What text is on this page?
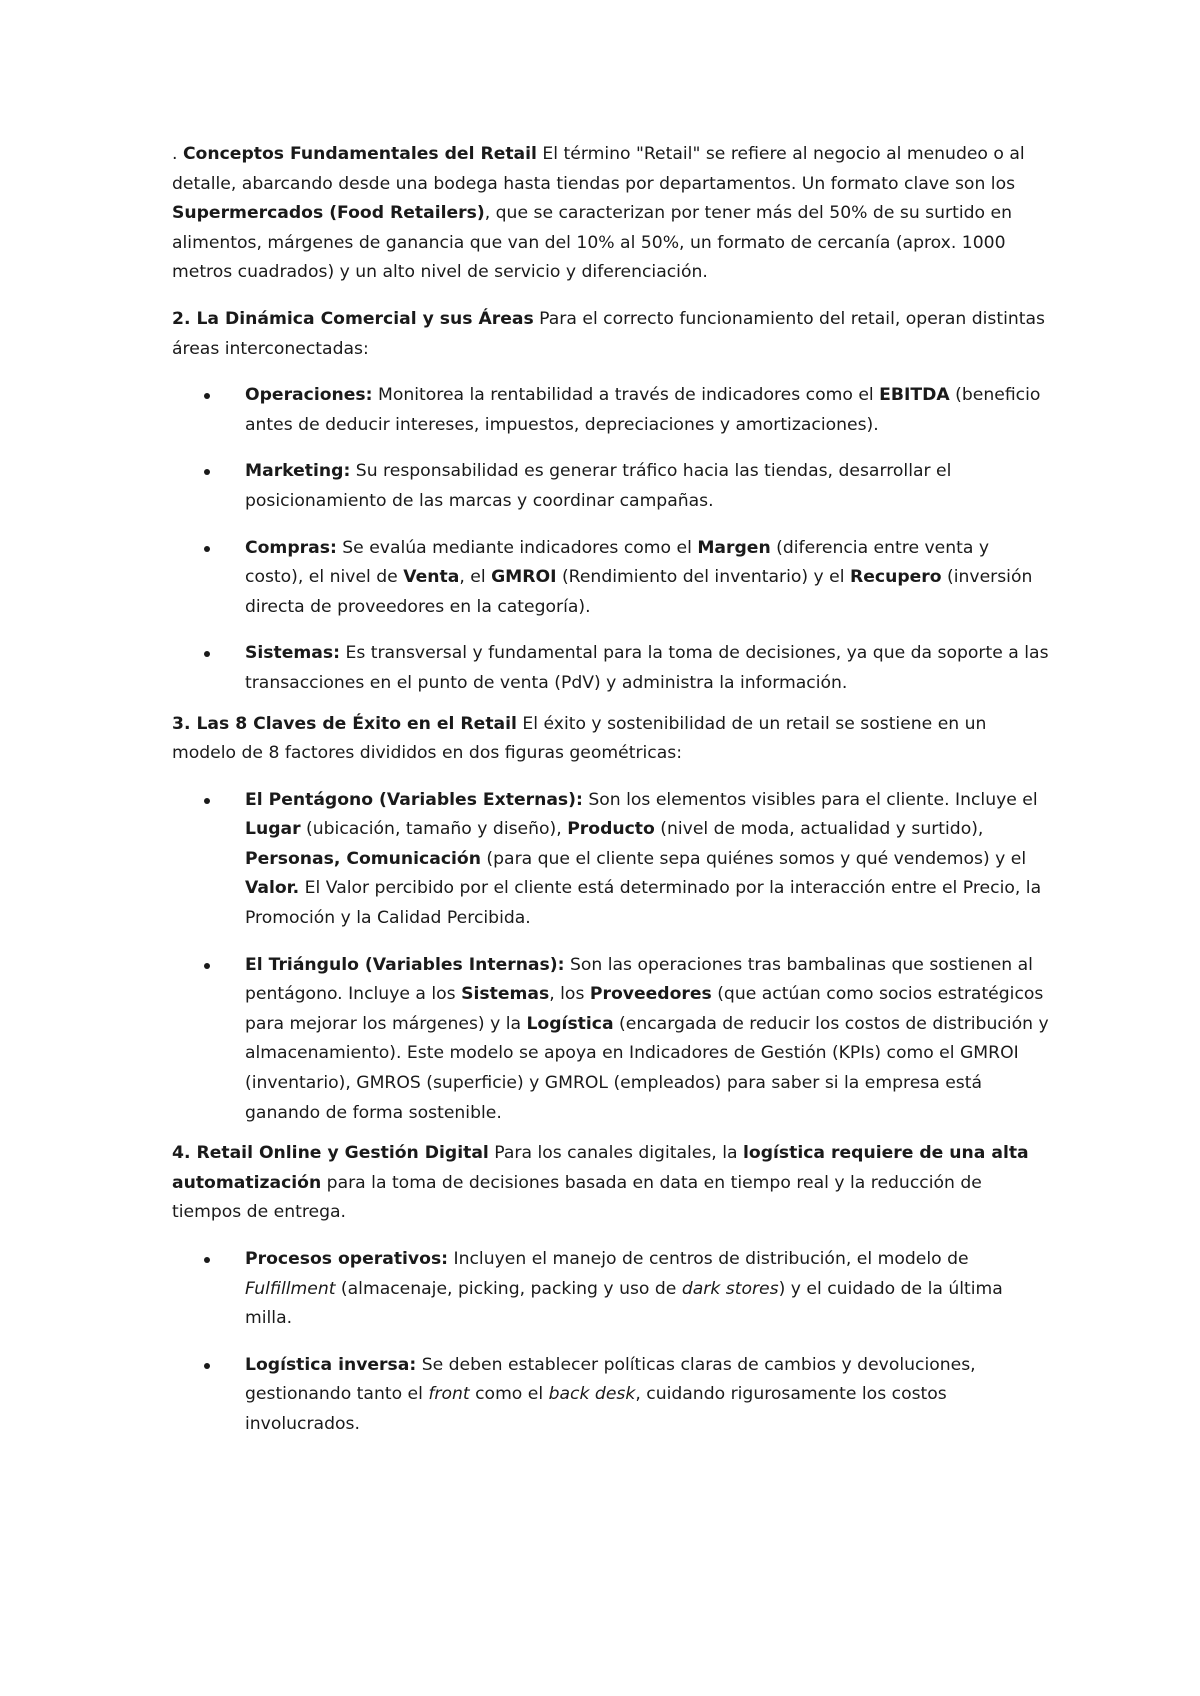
. Conceptos Fundamentales del Retail El término "Retail" se refiere al negocio al menudeo o al detalle, abarcando desde una bodega hasta tiendas por departamentos. Un formato clave son los Supermercados (Food Retailers), que se caracterizan por tener más del 50% de su surtido en alimentos, márgenes de ganancia que van del 10% al 50%, un formato de cercanía (aprox. 1000 metros cuadrados) y un alto nivel de servicio y diferenciación.

2. La Dinámica Comercial y sus Áreas Para el correcto funcionamiento del retail, operan distintas áreas interconectadas:

Operaciones: Monitorea la rentabilidad a través de indicadores como el EBITDA (beneficio antes de deducir intereses, impuestos, depreciaciones y amortizaciones).
Marketing: Su responsabilidad es generar tráfico hacia las tiendas, desarrollar el posicionamiento de las marcas y coordinar campañas.
Compras: Se evalúa mediante indicadores como el Margen (diferencia entre venta y costo), el nivel de Venta, el GMROI (Rendimiento del inventario) y el Recupero (inversión directa de proveedores en la categoría).
Sistemas: Es transversal y fundamental para la toma de decisiones, ya que da soporte a las transacciones en el punto de venta (PdV) y administra la información.

3. Las 8 Claves de Éxito en el Retail El éxito y sostenibilidad de un retail se sostiene en un modelo de 8 factores divididos en dos figuras geométricas:

El Pentágono (Variables Externas): Son los elementos visibles para el cliente. Incluye el Lugar (ubicación, tamaño y diseño), Producto (nivel de moda, actualidad y surtido), Personas, Comunicación (para que el cliente sepa quiénes somos y qué vendemos) y el Valor. El Valor percibido por el cliente está determinado por la interacción entre el Precio, la Promoción y la Calidad Percibida.
El Triángulo (Variables Internas): Son las operaciones tras bambalinas que sostienen al pentágono. Incluye a los Sistemas, los Proveedores (que actúan como socios estratégicos para mejorar los márgenes) y la Logística (encargada de reducir los costos de distribución y almacenamiento). Este modelo se apoya en Indicadores de Gestión (KPIs) como el GMROI (inventario), GMROS (superficie) y GMROL (empleados) para saber si la empresa está ganando de forma sostenible.

4. Retail Online y Gestión Digital Para los canales digitales, la logística requiere de una alta automatización para la toma de decisiones basada en data en tiempo real y la reducción de tiempos de entrega.

Procesos operativos: Incluyen el manejo de centros de distribución, el modelo de Fulfillment (almacenaje, picking, packing y uso de dark stores) y el cuidado de la última milla.
Logística inversa: Se deben establecer políticas claras de cambios y devoluciones, gestionando tanto el front como el back desk, cuidando rigurosamente los costos involucrados.
